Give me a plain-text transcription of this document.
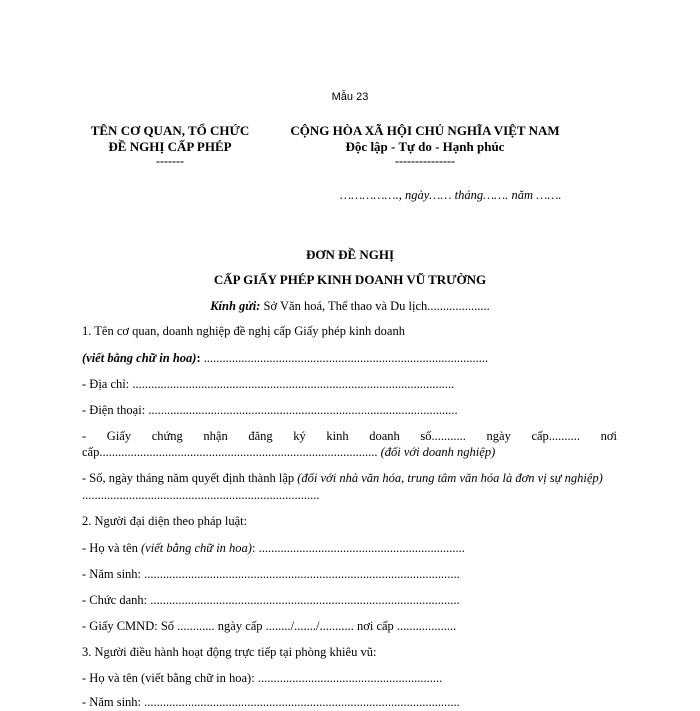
Mẫu 23
TÊN CƠ QUAN, TỔ CHỨC
ĐỀ NGHỊ CẤP PHÉP
-------
CỘNG HÒA XÃ HỘI CHỦ NGHĨA VIỆT NAM
Độc lập - Tự do - Hạnh phúc
---------------
……………., ngày…… tháng……. năm …….
ĐƠN ĐỀ NGHỊ
CẤP GIẤY PHÉP KINH DOANH VŨ TRƯỜNG
Kính gửi: Sở Văn hoá, Thể thao và Du lịch....................
1. Tên cơ quan, doanh nghiệp đề nghị cấp Giấy phép kinh doanh
(viết bằng chữ in hoa): ...........................................................................................
- Địa chỉ: .......................................................................................................
- Điện thoại: ...................................................................................................
- Giấy chứng nhận đăng ký kinh doanh số........... ngày cấp.......... nơi
cấp......................................................................................... (đối với doanh nghiệp)
- Số, ngày tháng năm quyết định thành lập (đối với nhà văn hóa, trung tâm văn hóa là đơn vị sự nghiệp) ............................................................................
2. Người đại diện theo pháp luật:
- Họ và tên (viết bằng chữ in hoa): ..................................................................
- Năm sinh: .....................................................................................................
- Chức danh: ...................................................................................................
- Giấy CMND: Số ............ ngày cấp ......../......./........... nơi cấp ...................
3. Người điều hành hoạt động trực tiếp tại phòng khiêu vũ:
- Họ và tên (viết bằng chữ in hoa): ...........................................................
- Năm sinh: .....................................................................................................
